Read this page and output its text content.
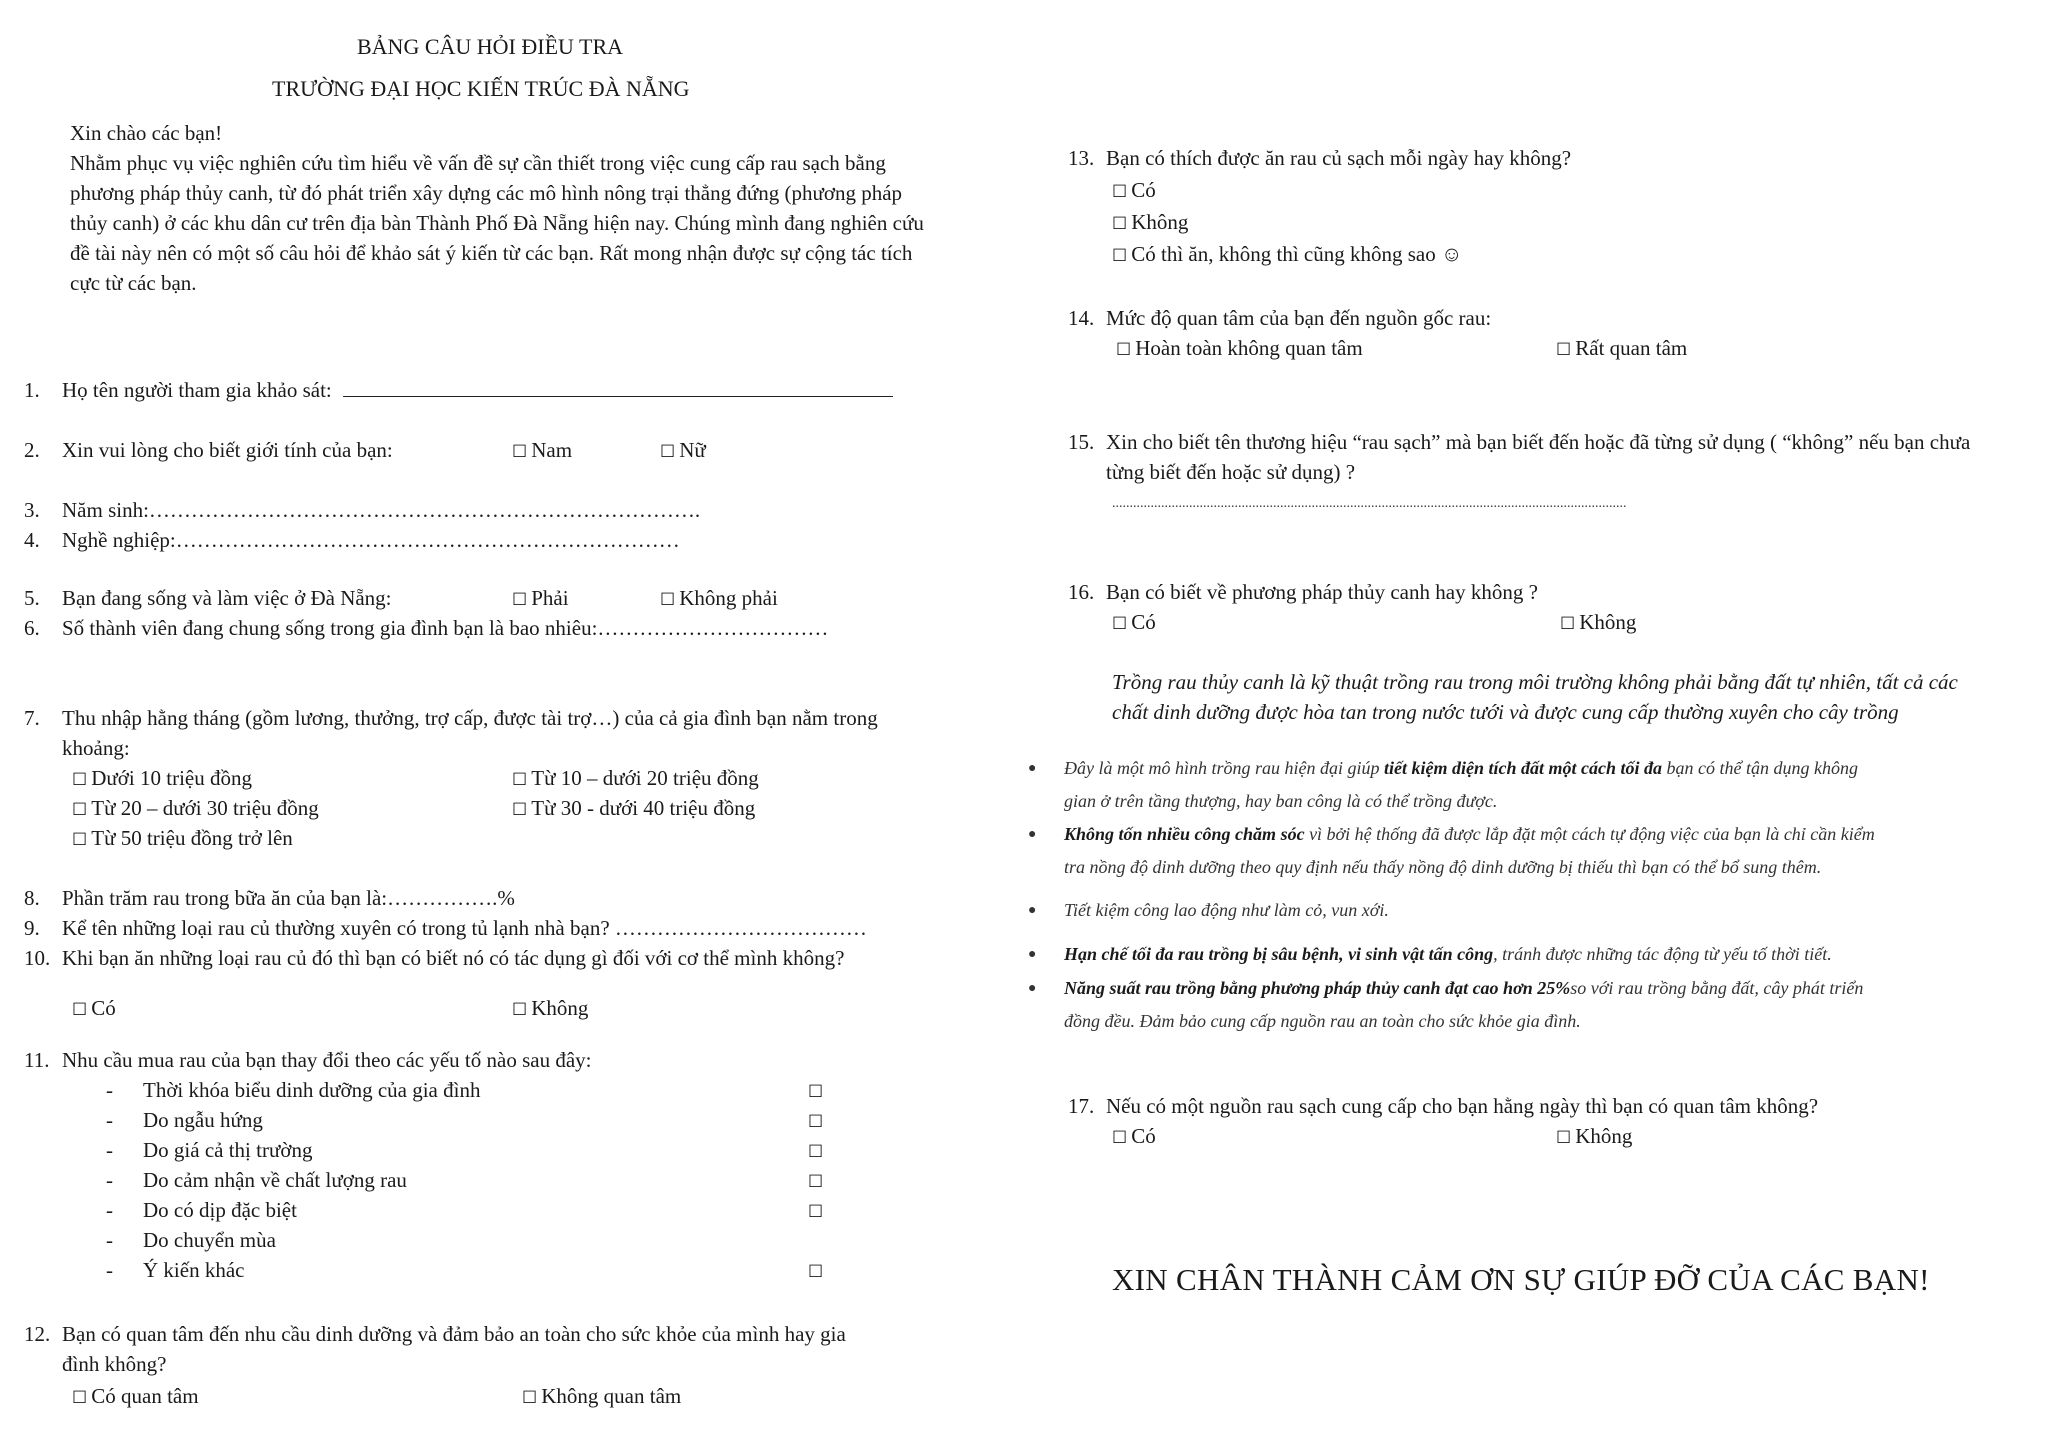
BẢNG CÂU HỎI ĐIỀU TRA
TRƯỜNG ĐẠI HỌC KIẾN TRÚC ĐÀ NẴNG
Xin chào các bạn!
Nhằm phục vụ việc nghiên cứu tìm hiểu về vấn đề sự cần thiết trong việc cung cấp rau sạch bằng
phương pháp thủy canh, từ đó phát triển xây dựng các mô hình nông trại thẳng đứng (phương pháp
thủy canh) ở các khu dân cư trên địa bàn Thành Phố Đà Nẵng hiện nay. Chúng mình đang nghiên cứu
đề tài này nên có một số câu hỏi để khảo sát ý kiến từ các bạn. Rất mong nhận được sự cộng tác tích
cực từ các bạn.
1. Họ tên người tham gia khảo sát:
2. Xin vui lòng cho biết giới tính của bạn:	☐ Nam	☐ Nữ
3. Năm sinh:…………………………………………………………………….
4. Nghề nghiệp:………………………………………………………………
5. Bạn đang sống và làm việc ở Đà Nẵng:	☐ Phải	☐ Không phải
6. Số thành viên đang chung sống trong gia đình bạn là bao nhiêu:……………………………
7. Thu nhập hằng tháng (gồm lương, thưởng, trợ cấp, được tài trợ…) của cả gia đình bạn nằm trong
khoảng:
☐ Dưới 10 triệu đồng	☐ Từ 10 – dưới 20 triệu đồng
☐ Từ 20 – dưới 30 triệu đồng	☐ Từ 30 - dưới 40 triệu đồng
☐ Từ 50 triệu đồng trở lên
8. Phần trăm rau trong bữa ăn của bạn là:…………….%
9. Kể tên những loại rau củ thường xuyên có trong tủ lạnh nhà bạn? ………………………………
10. Khi bạn ăn những loại rau củ đó thì bạn có biết nó có tác dụng gì đối với cơ thể mình không?
☐ Có	☐ Không
11. Nhu cầu mua rau của bạn thay đổi theo các yếu tố nào sau đây:
- Thời khóa biểu dinh dưỡng của gia đình	☐
- Do ngẫu hứng	☐
- Do giá cả thị trường	☐
- Do cảm nhận về chất lượng rau	☐
- Do có dịp đặc biệt	☐
- Do chuyển mùa
- Ý kiến khác	☐
12. Bạn có quan tâm đến nhu cầu dinh dưỡng và đảm bảo an toàn cho sức khỏe của mình hay gia
đình không?
☐ Có quan tâm	☐ Không quan tâm
13. Bạn có thích được ăn rau củ sạch mỗi ngày hay không?
☐ Có
☐ Không
☐ Có thì ăn, không thì cũng không sao ☺
14. Mức độ quan tâm của bạn đến nguồn gốc rau:
☐ Hoàn toàn không quan tâm	☐ Rất quan tâm
15. Xin cho biết tên thương hiệu “rau sạch” mà bạn biết đến hoặc đã từng sử dụng ( “không” nếu bạn chưa
từng biết đến hoặc sử dụng) ?
...................................................................................................................................................
16. Bạn có biết về phương pháp thủy canh hay không ?
☐ Có	☐ Không
Trồng rau thủy canh là kỹ thuật trồng rau trong môi trường không phải bằng đất tự nhiên, tất cả các
chất dinh dưỡng được hòa tan trong nước tưới và được cung cấp thường xuyên cho cây trồng
● Đây là một mô hình trồng rau hiện đại giúp tiết kiệm diện tích đất một cách tối đa bạn có thể tận dụng không
gian ở trên tầng thượng, hay ban công là có thể trồng được.
● Không tốn nhiều công chăm sóc vì bởi hệ thống đã được lắp đặt một cách tự động việc của bạn là chỉ cần kiểm
tra nồng độ dinh dưỡng theo quy định nếu thấy nồng độ dinh dưỡng bị thiếu thì bạn có thể bổ sung thêm.
● Tiết kiệm công lao động như làm cỏ, vun xới.
● Hạn chế tối đa rau trồng bị sâu bệnh, vi sinh vật tấn công, tránh được những tác động từ yếu tố thời tiết.
● Năng suất rau trồng bằng phương pháp thủy canh đạt cao hơn 25%so với rau trồng bằng đất, cây phát triển
đồng đều. Đảm bảo cung cấp nguồn rau an toàn cho sức khỏe gia đình.
17. Nếu có một nguồn rau sạch cung cấp cho bạn hằng ngày thì bạn có quan tâm không?
☐ Có	☐ Không
XIN CHÂN THÀNH CẢM ƠN SỰ GIÚP ĐỠ CỦA CÁC BẠN!
